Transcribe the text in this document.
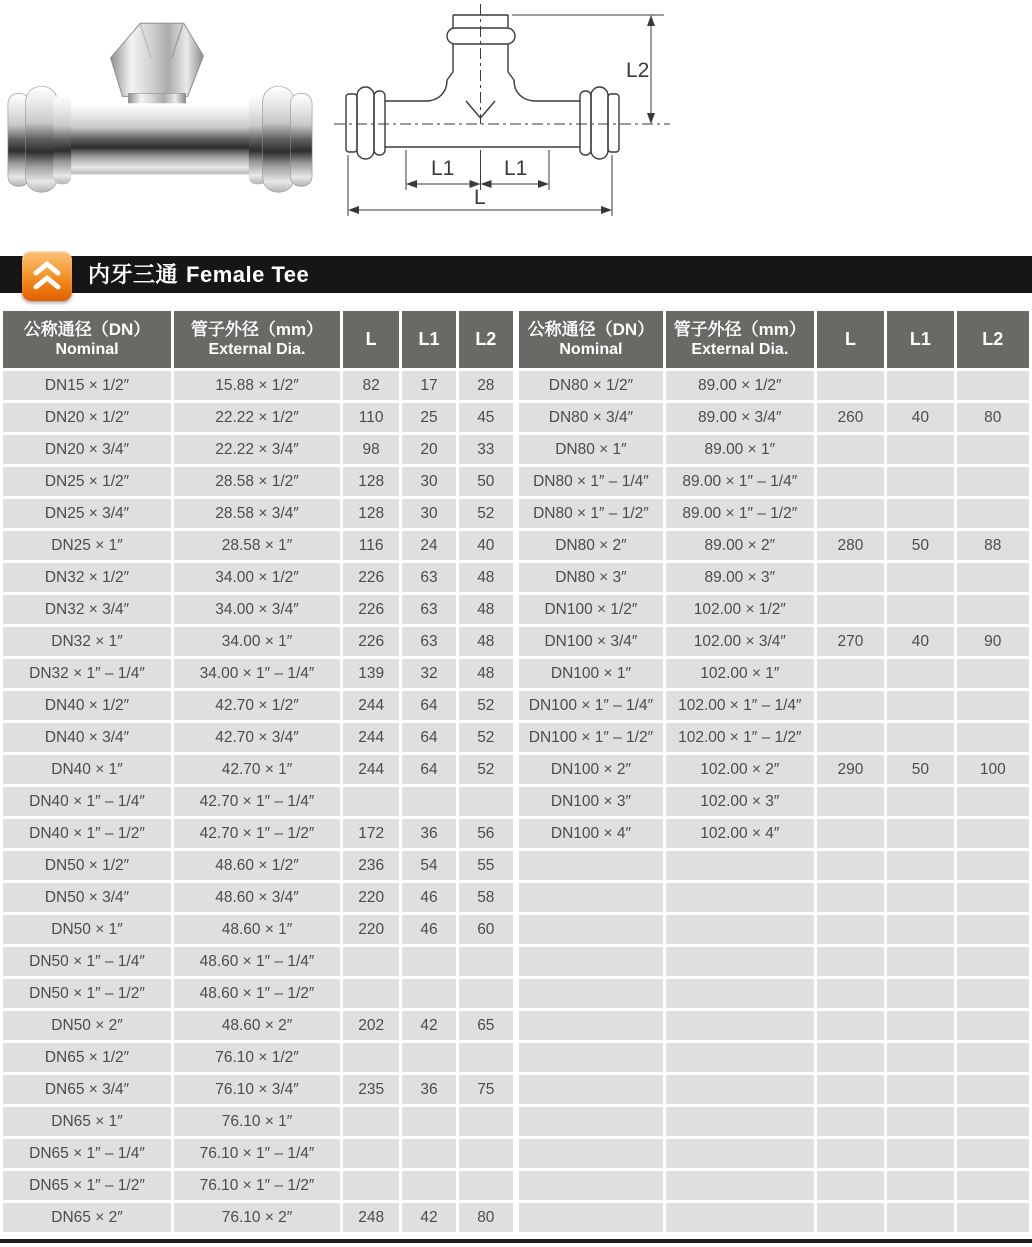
L2
L1 L1
L
内牙三通 Female Tee
公称通径（DN）
Nominal

管子外径（mm）
External Dia.
	L	L1	L2
DN15 × 1/2″	15.88 × 1/2″	82	17	28
DN20 × 1/2″	22.22 × 1/2″	110	25	45
DN20 × 3/4″	22.22 × 3/4″	98	20	33
DN25 × 1/2″	28.58 × 1/2″	128	30	50
DN25 × 3/4″	28.58 × 3/4″	128	30	52
DN25 × 1″	28.58 × 1″	116	24	40
DN32 × 1/2″	34.00 × 1/2″	226	63	48
DN32 × 3/4″	34.00 × 3/4″	226	63	48
DN32 × 1″	34.00 × 1″	226	63	48
DN32 × 1″ – 1/4″	34.00 × 1″ – 1/4″	139	32	48
DN40 × 1/2″	42.70 × 1/2″	244	64	52
DN40 × 3/4″	42.70 × 3/4″	244	64	52
DN40 × 1″	42.70 × 1″	244	64	52
DN40 × 1″ – 1/4″	42.70 × 1″ – 1/4″			
DN40 × 1″ – 1/2″	42.70 × 1″ – 1/2″	172	36	56
DN50 × 1/2″	48.60 × 1/2″	236	54	55
DN50 × 3/4″	48.60 × 3/4″	220	46	58
DN50 × 1″	48.60 × 1″	220	46	60
DN50 × 1″ – 1/4″	48.60 × 1″ – 1/4″			
DN50 × 1″ – 1/2″	48.60 × 1″ – 1/2″			
DN50 × 2″	48.60 × 2″	202	42	65
DN65 × 1/2″	76.10 × 1/2″			
DN65 × 3/4″	76.10 × 3/4″	235	36	75
DN65 × 1″	76.10 × 1″			
DN65 × 1″ – 1/4″	76.10 × 1″ – 1/4″			
DN65 × 1″ – 1/2″	76.10 × 1″ – 1/2″			
DN65 × 2″	76.10 × 2″	248	42	80
公称通径（DN）
Nominal

管子外径（mm）
External Dia.
	L	L1	L2
DN80 × 1/2″	89.00 × 1/2″			
DN80 × 3/4″	89.00 × 3/4″	260	40	80
DN80 × 1″	89.00 × 1″			
DN80 × 1″ – 1/4″	89.00 × 1″ – 1/4″			
DN80 × 1″ – 1/2″	89.00 × 1″ – 1/2″			
DN80 × 2″	89.00 × 2″	280	50	88
DN80 × 3″	89.00 × 3″			
DN100 × 1/2″	102.00 × 1/2″			
DN100 × 3/4″	102.00 × 3/4″	270	40	90
DN100 × 1″	102.00 × 1″			
DN100 × 1″ – 1/4″	102.00 × 1″ – 1/4″			
DN100 × 1″ – 1/2″	102.00 × 1″ – 1/2″			
DN100 × 2″	102.00 × 2″	290	50	100
DN100 × 3″	102.00 × 3″			
DN100 × 4″	102.00 × 4″			
